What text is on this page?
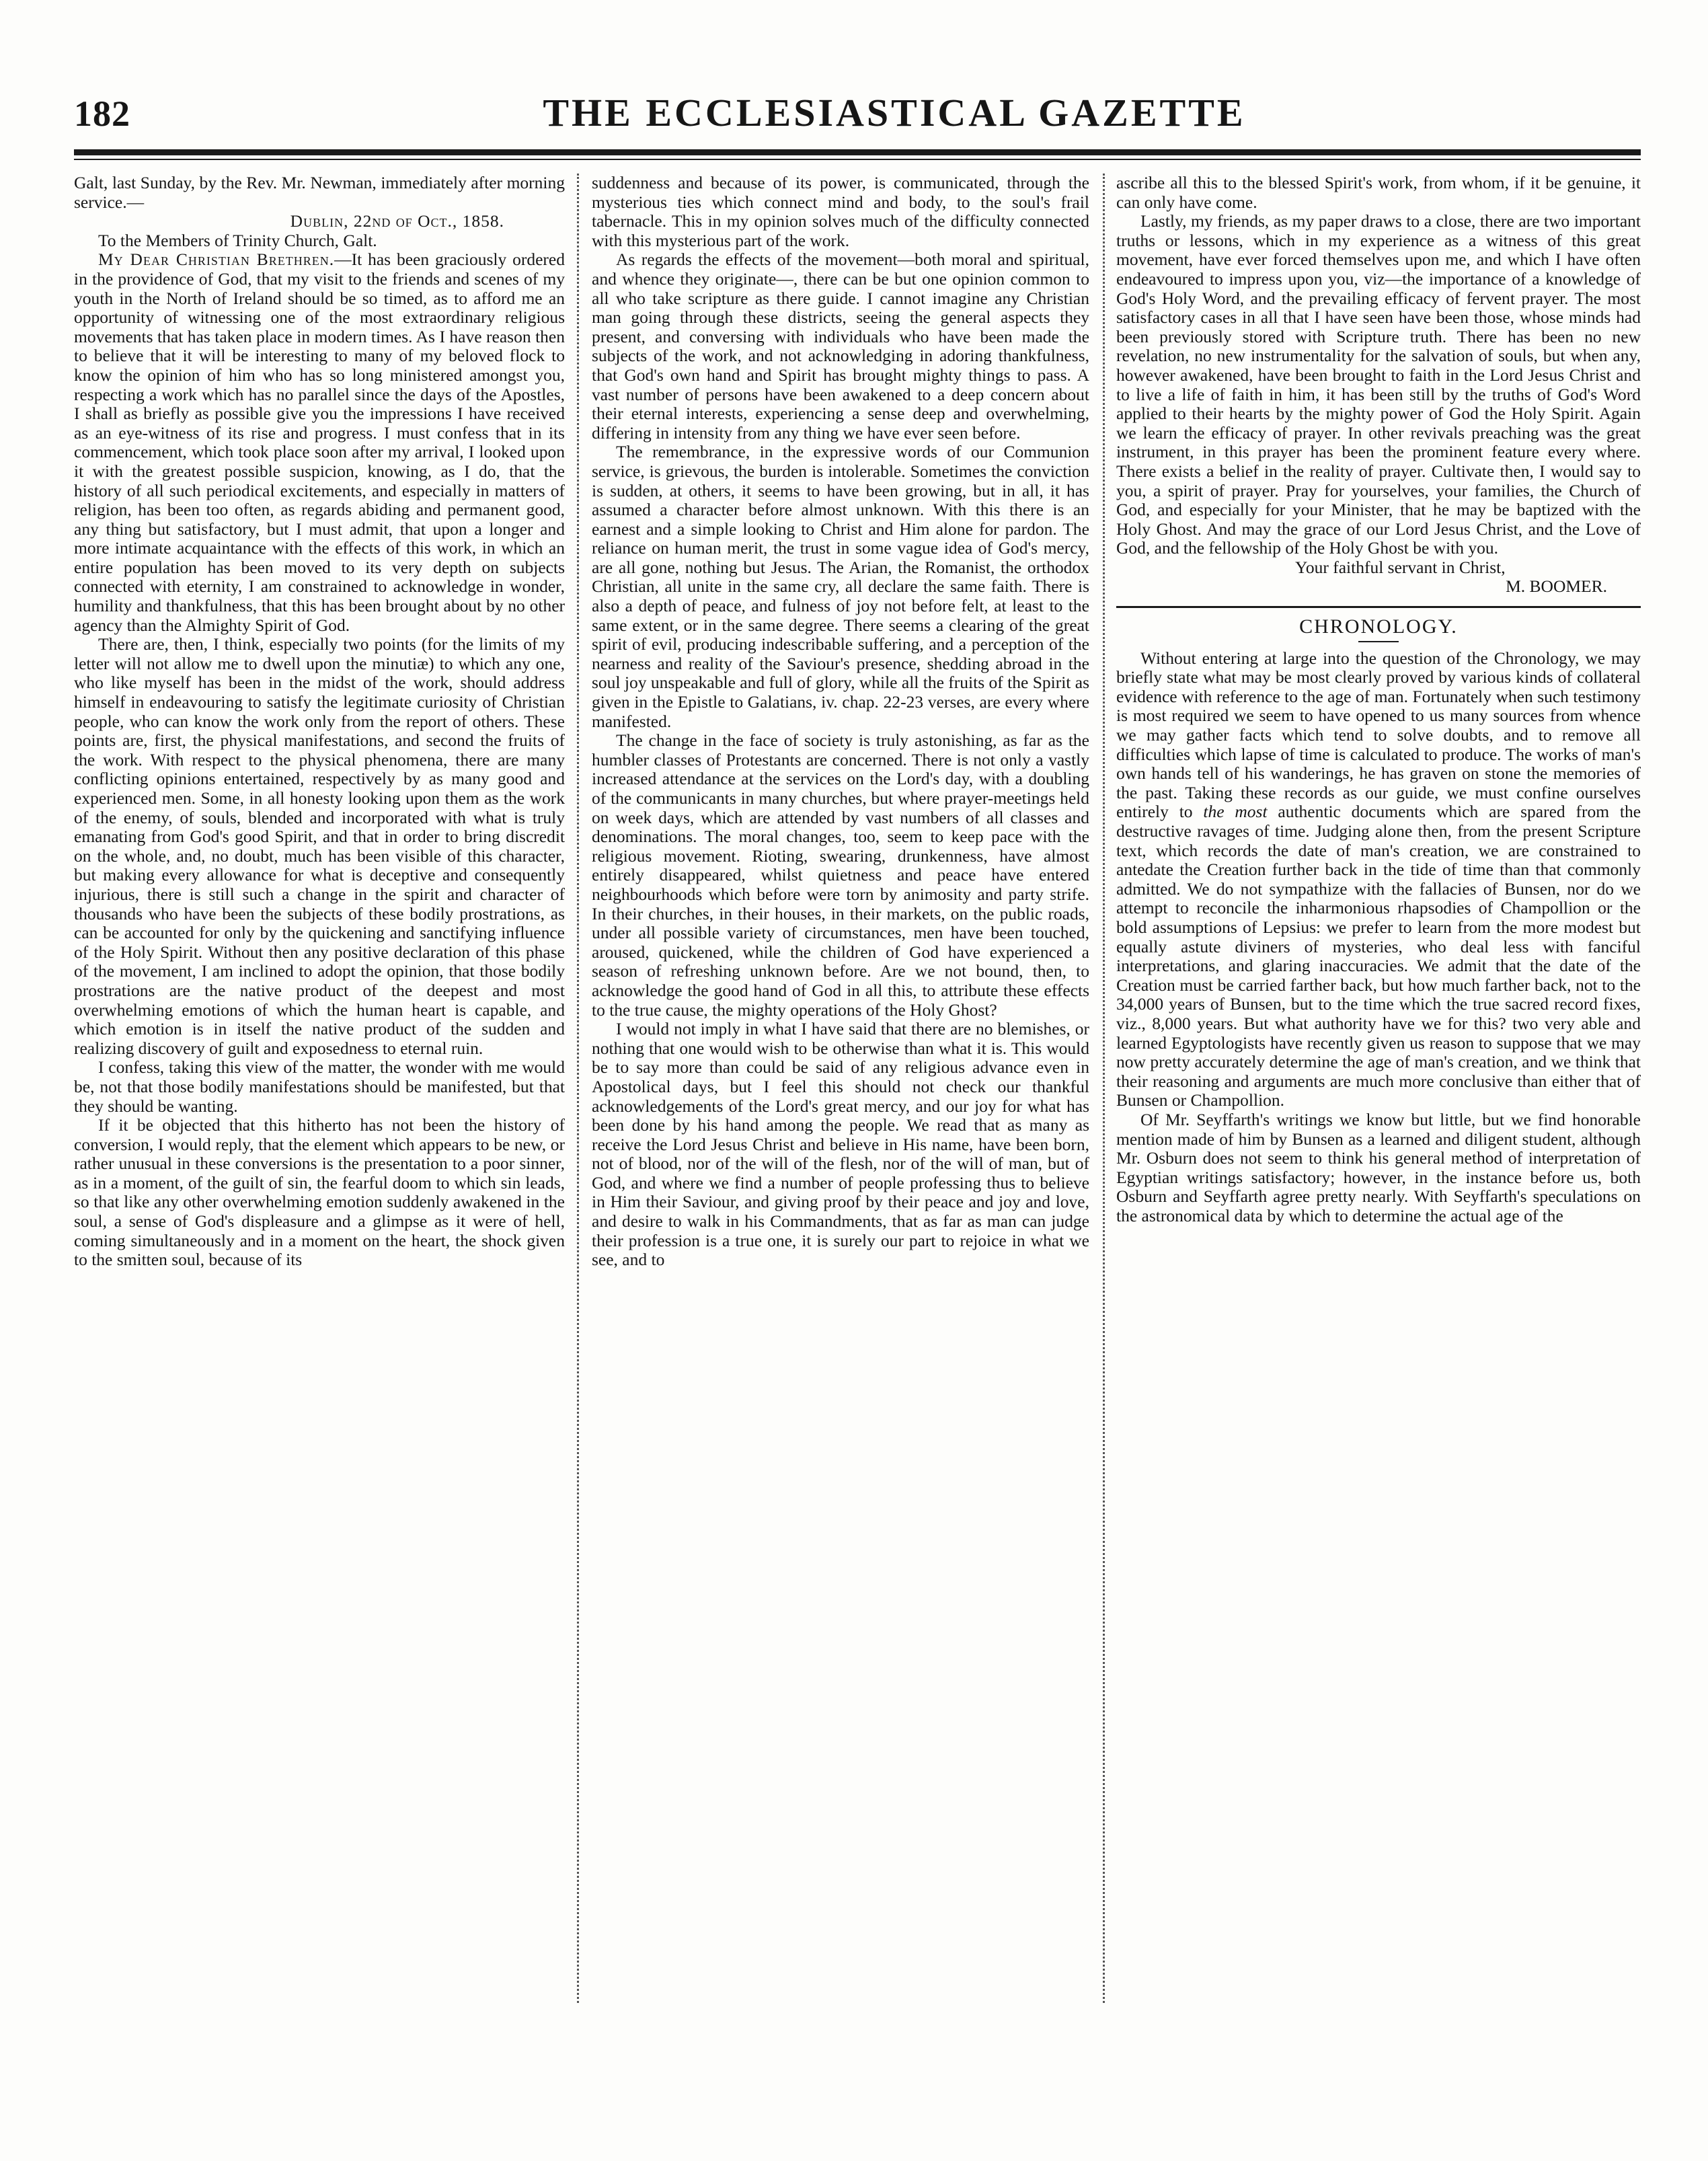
182	THE ECCLESIASTICAL GAZETTE

Galt, last Sunday, by the Rev. Mr. Newman, immediately after morning service.—

Dublin, 22nd of Oct., 1858.

To the Members of Trinity Church, Galt.

My Dear Christian Brethren.—It has been graciously ordered in the providence of God, that my visit to the friends and scenes of my youth in the North of Ireland should be so timed, as to afford me an opportunity of witnessing one of the most extraordinary religious movements that has taken place in modern times. As I have reason then to believe that it will be interesting to many of my beloved flock to know the opinion of him who has so long ministered amongst you, respecting a work which has no parallel since the days of the Apostles, I shall as briefly as possible give you the impressions I have received as an eye-witness of its rise and progress. I must confess that in its commencement, which took place soon after my arrival, I looked upon it with the greatest possible suspicion, knowing, as I do, that the history of all such periodical excitements, and especially in matters of religion, has been too often, as regards abiding and permanent good, any thing but satisfactory, but I must admit, that upon a longer and more intimate acquaintance with the effects of this work, in which an entire population has been moved to its very depth on subjects connected with eternity, I am constrained to acknowledge in wonder, humility and thankfulness, that this has been brought about by no other agency than the Almighty Spirit of God.

There are, then, I think, especially two points (for the limits of my letter will not allow me to dwell upon the minutiæ) to which any one, who like myself has been in the midst of the work, should address himself in endeavouring to satisfy the legitimate curiosity of Christian people, who can know the work only from the report of others. These points are, first, the physical manifestations, and second the fruits of the work. With respect to the physical phenomena, there are many conflicting opinions entertained, respectively by as many good and experienced men. Some, in all honesty looking upon them as the work of the enemy, of souls, blended and incorporated with what is truly emanating from God's good Spirit, and that in order to bring discredit on the whole, and, no doubt, much has been visible of this character, but making every allowance for what is deceptive and consequently injurious, there is still such a change in the spirit and character of thousands who have been the subjects of these bodily prostrations, as can be accounted for only by the quickening and sanctifying influence of the Holy Spirit. Without then any positive declaration of this phase of the movement, I am inclined to adopt the opinion, that those bodily prostrations are the native product of the deepest and most overwhelming emotions of which the human heart is capable, and which emotion is in itself the native product of the sudden and realizing discovery of guilt and exposedness to eternal ruin.

I confess, taking this view of the matter, the wonder with me would be, not that those bodily manifestations should be manifested, but that they should be wanting.

If it be objected that this hitherto has not been the history of conversion, I would reply, that the element which appears to be new, or rather unusual in these conversions is the presentation to a poor sinner, as in a moment, of the guilt of sin, the fearful doom to which sin leads, so that like any other overwhelming emotion suddenly awakened in the soul, a sense of God's displeasure and a glimpse as it were of hell, coming simultaneously and in a moment on the heart, the shock given to the smitten soul, because of its

suddenness and because of its power, is communicated, through the mysterious ties which connect mind and body, to the soul's frail tabernacle. This in my opinion solves much of the difficulty connected with this mysterious part of the work.

As regards the effects of the movement—both moral and spiritual, and whence they originate—, there can be but one opinion common to all who take scripture as there guide. I cannot imagine any Christian man going through these districts, seeing the general aspects they present, and conversing with individuals who have been made the subjects of the work, and not acknowledging in adoring thankfulness, that God's own hand and Spirit has brought mighty things to pass. A vast number of persons have been awakened to a deep concern about their eternal interests, experiencing a sense deep and overwhelming, differing in intensity from any thing we have ever seen before.

The remembrance, in the expressive words of our Communion service, is grievous, the burden is intolerable. Sometimes the conviction is sudden, at others, it seems to have been growing, but in all, it has assumed a character before almost unknown. With this there is an earnest and a simple looking to Christ and Him alone for pardon. The reliance on human merit, the trust in some vague idea of God's mercy, are all gone, nothing but Jesus. The Arian, the Romanist, the orthodox Christian, all unite in the same cry, all declare the same faith. There is also a depth of peace, and fulness of joy not before felt, at least to the same extent, or in the same degree. There seems a clearing of the great spirit of evil, producing indescribable suffering, and a perception of the nearness and reality of the Saviour's presence, shedding abroad in the soul joy unspeakable and full of glory, while all the fruits of the Spirit as given in the Epistle to Galatians, iv. chap. 22-23 verses, are every where manifested.

The change in the face of society is truly astonishing, as far as the humbler classes of Protestants are concerned. There is not only a vastly increased attendance at the services on the Lord's day, with a doubling of the communicants in many churches, but where prayer-meetings held on week days, which are attended by vast numbers of all classes and denominations. The moral changes, too, seem to keep pace with the religious movement. Rioting, swearing, drunkenness, have almost entirely disappeared, whilst quietness and peace have entered neighbourhoods which before were torn by animosity and party strife. In their churches, in their houses, in their markets, on the public roads, under all possible variety of circumstances, men have been touched, aroused, quickened, while the children of God have experienced a season of refreshing unknown before. Are we not bound, then, to acknowledge the good hand of God in all this, to attribute these effects to the true cause, the mighty operations of the Holy Ghost?

I would not imply in what I have said that there are no blemishes, or nothing that one would wish to be otherwise than what it is. This would be to say more than could be said of any religious advance even in Apostolical days, but I feel this should not check our thankful acknowledgements of the Lord's great mercy, and our joy for what has been done by his hand among the people. We read that as many as receive the Lord Jesus Christ and believe in His name, have been born, not of blood, nor of the will of the flesh, nor of the will of man, but of God, and where we find a number of people professing thus to believe in Him their Saviour, and giving proof by their peace and joy and love, and desire to walk in his Commandments, that as far as man can judge their profession is a true one, it is surely our part to rejoice in what we see, and to

ascribe all this to the blessed Spirit's work, from whom, if it be genuine, it can only have come.

Lastly, my friends, as my paper draws to a close, there are two important truths or lessons, which in my experience as a witness of this great movement, have ever forced themselves upon me, and which I have often endeavoured to impress upon you, viz—the importance of a knowledge of God's Holy Word, and the prevailing efficacy of fervent prayer. The most satisfactory cases in all that I have seen have been those, whose minds had been previously stored with Scripture truth. There has been no new revelation, no new instrumentality for the salvation of souls, but when any, however awakened, have been brought to faith in the Lord Jesus Christ and to live a life of faith in him, it has been still by the truths of God's Word applied to their hearts by the mighty power of God the Holy Spirit. Again we learn the efficacy of prayer. In other revivals preaching was the great instrument, in this prayer has been the prominent feature every where. There exists a belief in the reality of prayer. Cultivate then, I would say to you, a spirit of prayer. Pray for yourselves, your families, the Church of God, and especially for your Minister, that he may be baptized with the Holy Ghost. And may the grace of our Lord Jesus Christ, and the Love of God, and the fellowship of the Holy Ghost be with you.

Your faithful servant in Christ,

M. BOOMER.

CHRONOLOGY.

Without entering at large into the question of the Chronology, we may briefly state what may be most clearly proved by various kinds of collateral evidence with reference to the age of man. Fortunately when such testimony is most required we seem to have opened to us many sources from whence we may gather facts which tend to solve doubts, and to remove all difficulties which lapse of time is calculated to produce. The works of man's own hands tell of his wanderings, he has graven on stone the memories of the past. Taking these records as our guide, we must confine ourselves entirely to the most authentic documents which are spared from the destructive ravages of time. Judging alone then, from the present Scripture text, which records the date of man's creation, we are constrained to antedate the Creation further back in the tide of time than that commonly admitted. We do not sympathize with the fallacies of Bunsen, nor do we attempt to reconcile the inharmonious rhapsodies of Champollion or the bold assumptions of Lepsius: we prefer to learn from the more modest but equally astute diviners of mysteries, who deal less with fanciful interpretations, and glaring inaccuracies. We admit that the date of the Creation must be carried farther back, but how much farther back, not to the 34,000 years of Bunsen, but to the time which the true sacred record fixes, viz., 8,000 years. But what authority have we for this? two very able and learned Egyptologists have recently given us reason to suppose that we may now pretty accurately determine the age of man's creation, and we think that their reasoning and arguments are much more conclusive than either that of Bunsen or Champollion.

Of Mr. Seyffarth's writings we know but little, but we find honorable mention made of him by Bunsen as a learned and diligent student, although Mr. Osburn does not seem to think his general method of interpretation of Egyptian writings satisfactory; however, in the instance before us, both Osburn and Seyffarth agree pretty nearly. With Seyffarth's speculations on the astronomical data by which to determine the actual age of the
